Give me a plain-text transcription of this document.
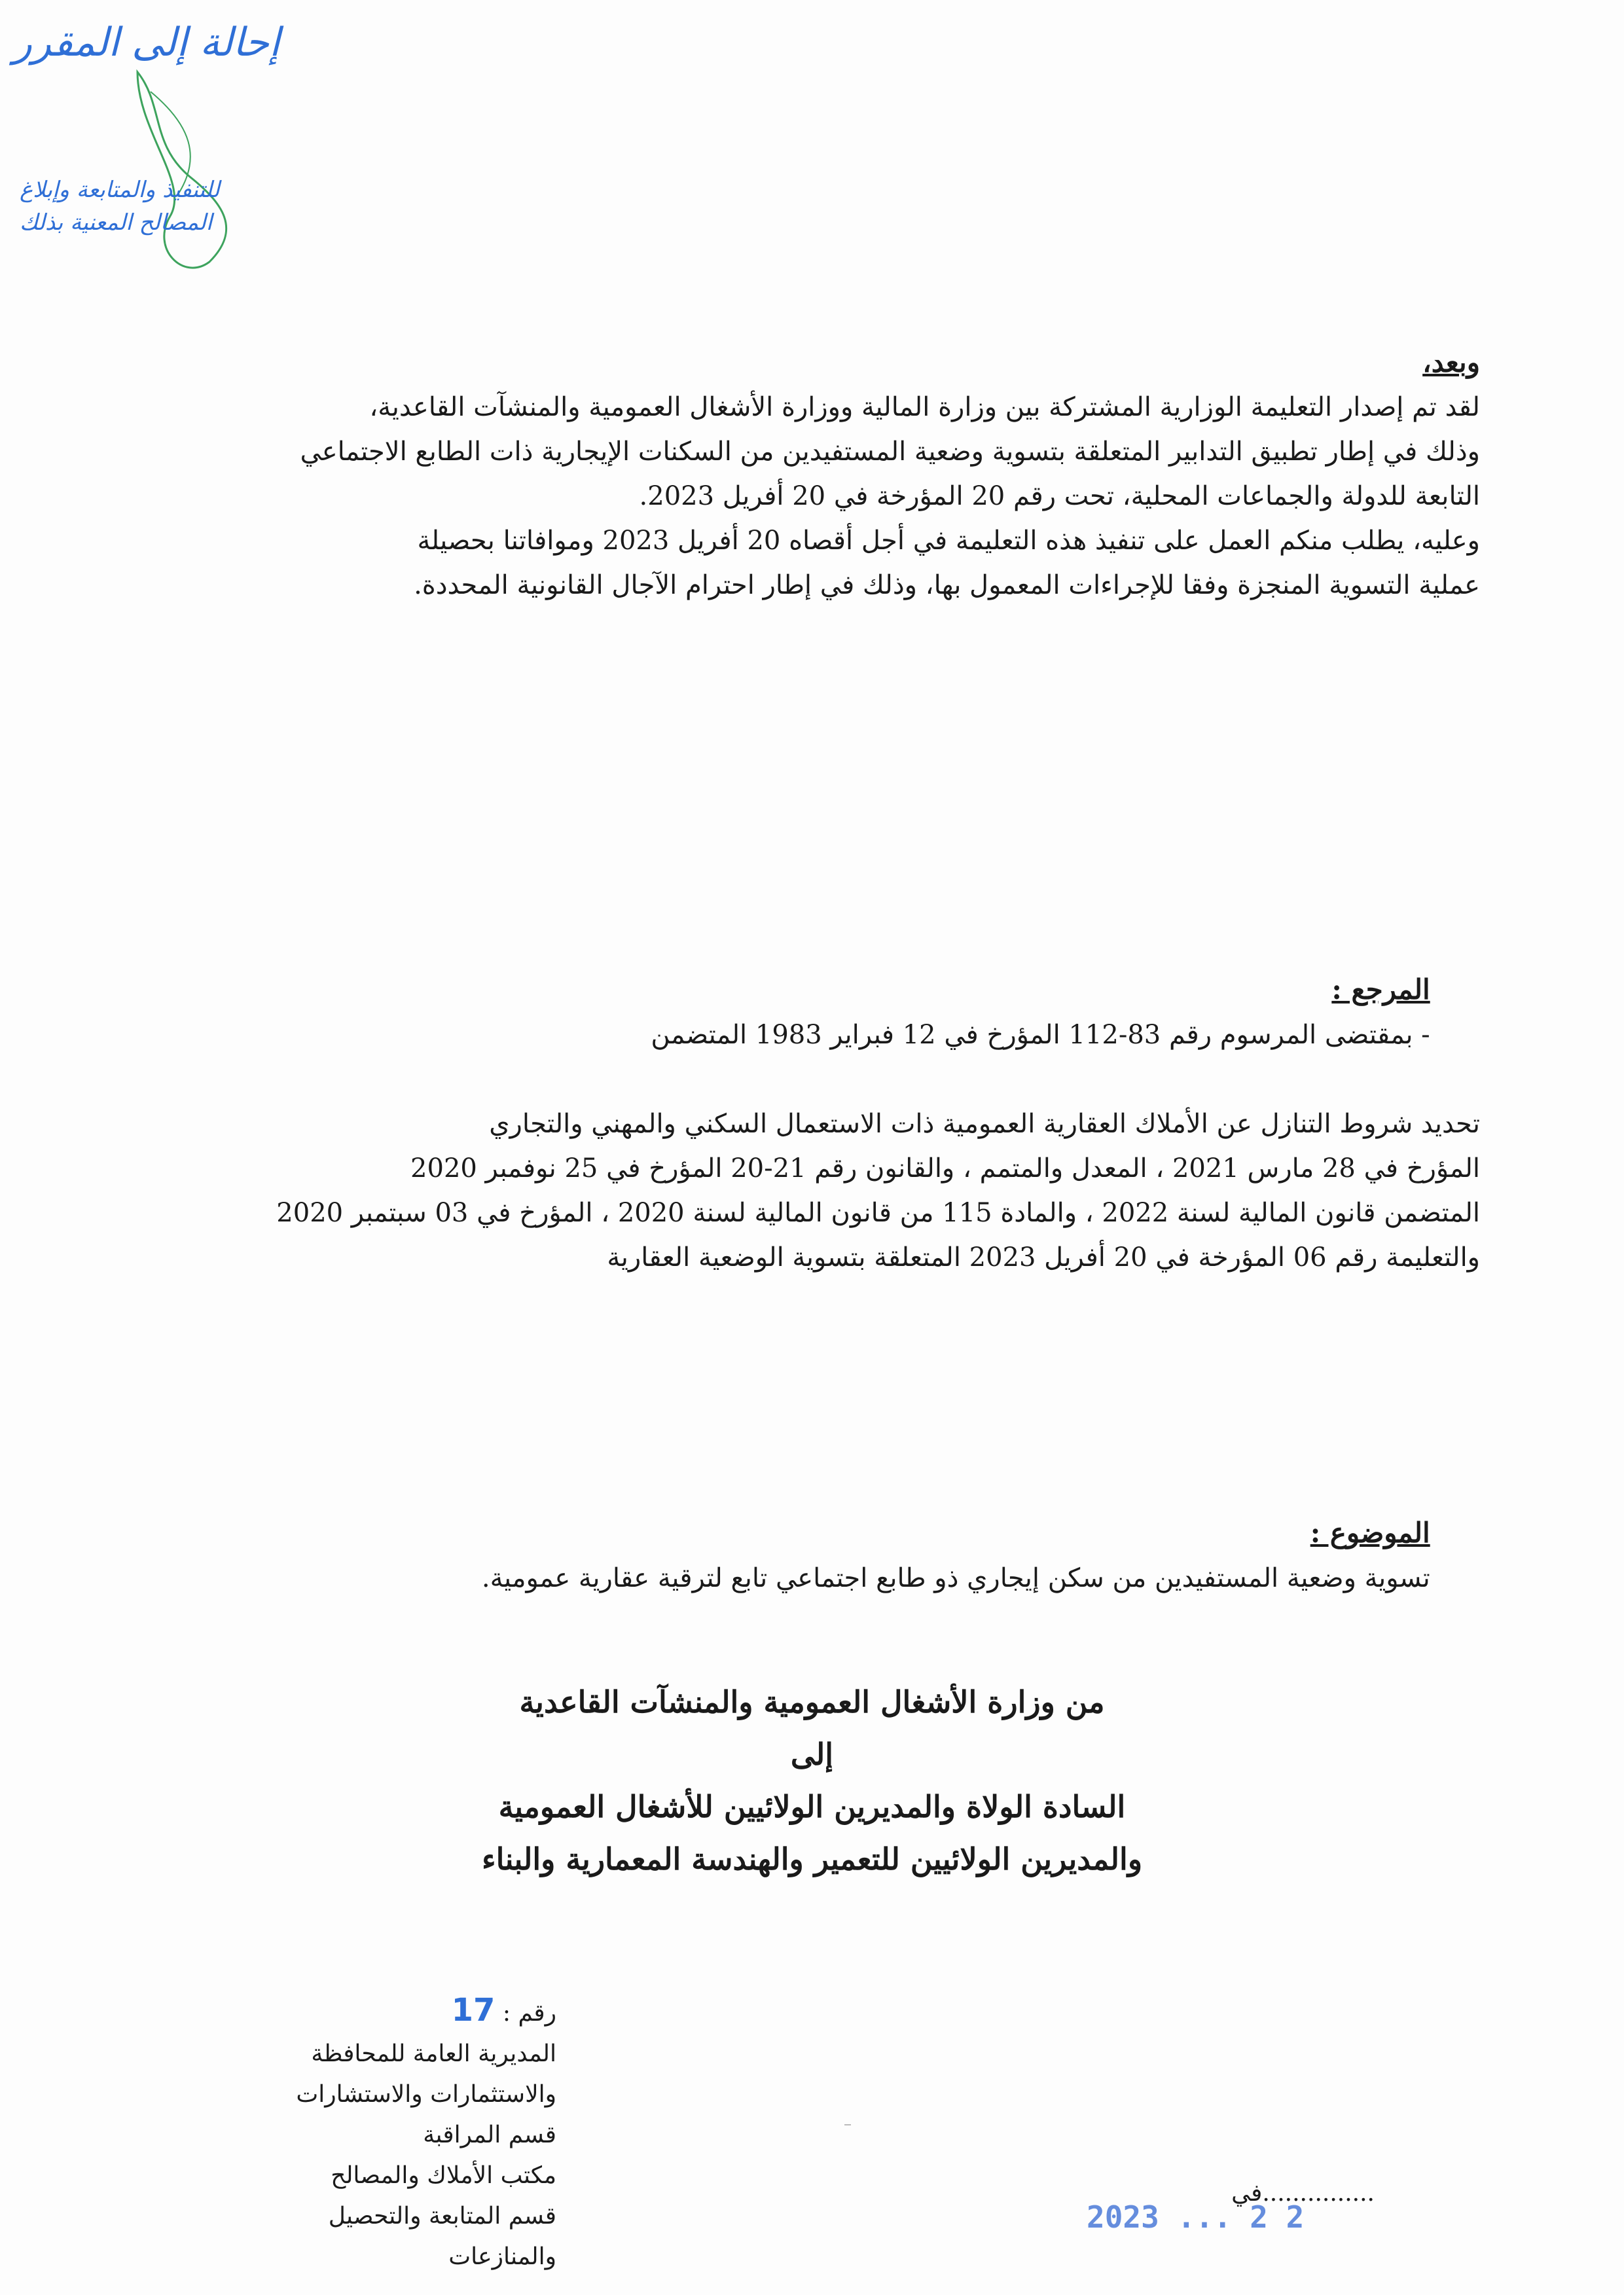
إحالة إلى المقرر
للتنفيذ والمتابعة وإبلاغ
المصالح المعنية بذلك

وبعد،

لقد تم إصدار التعليمة الوزارية المشتركة بين وزارة المالية ووزارة الأشغال العمومية والمنشآت القاعدية،

وذلك في إطار تطبيق التدابير المتعلقة بتسوية وضعية المستفيدين من السكنات الإيجارية ذات الطابع الاجتماعي

التابعة للدولة والجماعات المحلية، تحت رقم 20 المؤرخة في 20 أفريل 2023.

وعليه، يطلب منكم العمل على تنفيذ هذه التعليمة في أجل أقصاه 20 أفريل 2023 وموافاتنا بحصيلة

عملية التسوية المنجزة وفقا للإجراءات المعمول بها، وذلك في إطار احترام الآجال القانونية المحددة.

المرجع :
- بمقتضى المرسوم رقم 83-112 المؤرخ في 12 فبراير 1983 المتضمن

تحديد شروط التنازل عن الأملاك العقارية العمومية ذات الاستعمال السكني والمهني والتجاري

المؤرخ في 28 مارس 2021 ، المعدل والمتمم ، والقانون رقم 21-20 المؤرخ في 25 نوفمبر 2020

المتضمن قانون المالية لسنة 2022 ، والمادة 115 من قانون المالية لسنة 2020 ، المؤرخ في 03 سبتمبر 2020

والتعليمة رقم 06 المؤرخة في 20 أفريل 2023 المتعلقة بتسوية الوضعية العقارية

الموضوع :
تسوية وضعية المستفيدين من سكن إيجاري ذو طابع اجتماعي تابع لترقية عقارية عمومية.

من وزارة الأشغال العمومية والمنشآت القاعدية

إلى

السادة الولاة والمديرين الولائيين للأشغال العمومية

والمديرين الولائيين للتعمير والهندسة المعمارية والبناء

رقم : 17

المديرية العامة للمحافظة

والاستثمارات والاستشارات

قسم المراقبة

مكتب الأملاك والمصالح

قسم المتابعة والتحصيل

والمنازعات

...............في
2023 ... 2 2
